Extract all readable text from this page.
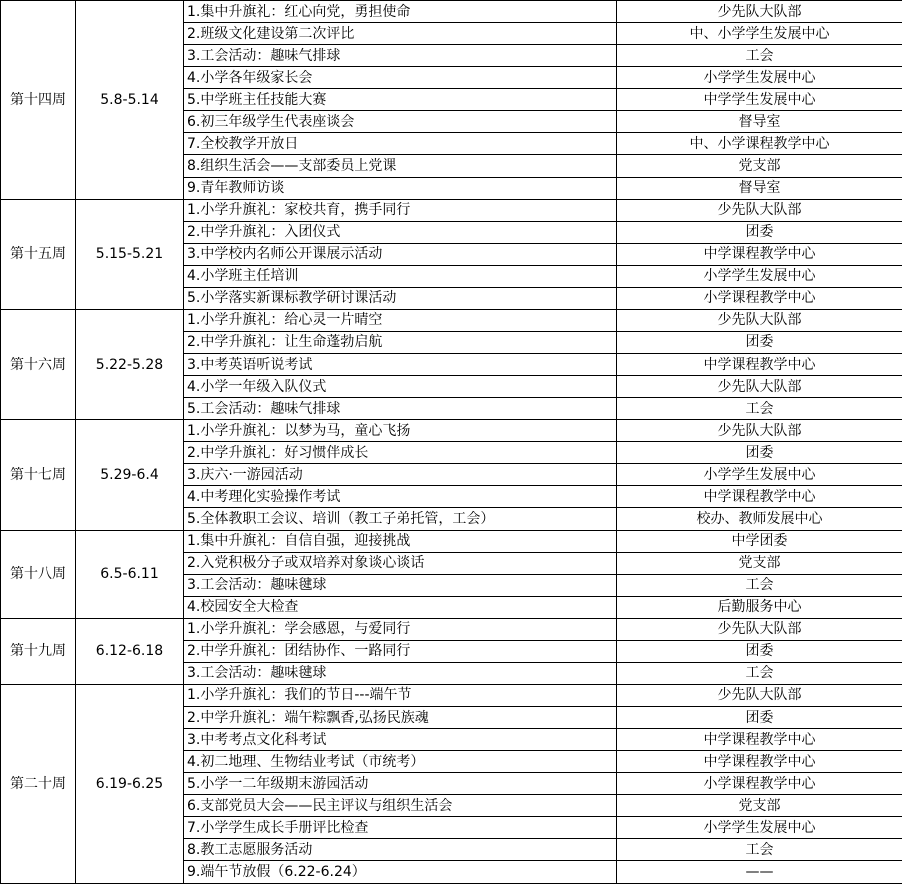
第十四周	5.8-5.14	1.集中升旗礼：红心向党，勇担使命	少先队大队部
		2.班级文化建设第二次评比	中、小学学生发展中心
		3.工会活动：趣味气排球	工会
		4.小学各年级家长会	小学学生发展中心
		5.中学班主任技能大赛	中学学生发展中心
		6.初三年级学生代表座谈会	督导室
		7.全校教学开放日	中、小学课程教学中心
		8.组织生活会——支部委员上党课	党支部
		9.青年教师访谈	督导室
第十五周	5.15-5.21	1.小学升旗礼：家校共育，携手同行	少先队大队部
		2.中学升旗礼：入团仪式	团委
		3.中学校内名师公开课展示活动	中学课程教学中心
		4.小学班主任培训	小学学生发展中心
		5.小学落实新课标教学研讨课活动	小学课程教学中心
第十六周	5.22-5.28	1.小学升旗礼：给心灵一片晴空	少先队大队部
		2.中学升旗礼：让生命蓬勃启航	团委
		3.中考英语听说考试	中学课程教学中心
		4.小学一年级入队仪式	少先队大队部
		5.工会活动：趣味气排球	工会
第十七周	5.29-6.4	1.小学升旗礼：以梦为马，童心飞扬	少先队大队部
		2.中学升旗礼：好习惯伴成长	团委
		3.庆六·一游园活动	小学学生发展中心
		4.中考理化实验操作考试	中学课程教学中心
		5.全体教职工会议、培训（教工子弟托管，工会）	校办、教师发展中心
第十八周	6.5-6.11	1.集中升旗礼：自信自强，迎接挑战	中学团委
		2.入党积极分子或双培养对象谈心谈话	党支部
		3.工会活动：趣味毽球	工会
		4.校园安全大检查	后勤服务中心
第十九周	6.12-6.18	1.小学升旗礼：学会感恩，与爱同行	少先队大队部
		2.中学升旗礼：团结协作、一路同行	团委
		3.工会活动：趣味毽球	工会
第二十周	6.19-6.25	1.小学升旗礼：我们的节日---端午节	少先队大队部
		2.中学升旗礼：端午粽飘香,弘扬民族魂	团委
		3.中考考点文化科考试	中学课程教学中心
		4.初二地理、生物结业考试（市统考）	中学课程教学中心
		5.小学一二年级期末游园活动	小学课程教学中心
		6.支部党员大会——民主评议与组织生活会	党支部
		7.小学学生成长手册评比检查	小学学生发展中心
		8.教工志愿服务活动	工会
		9.端午节放假（6.22-6.24）	——
